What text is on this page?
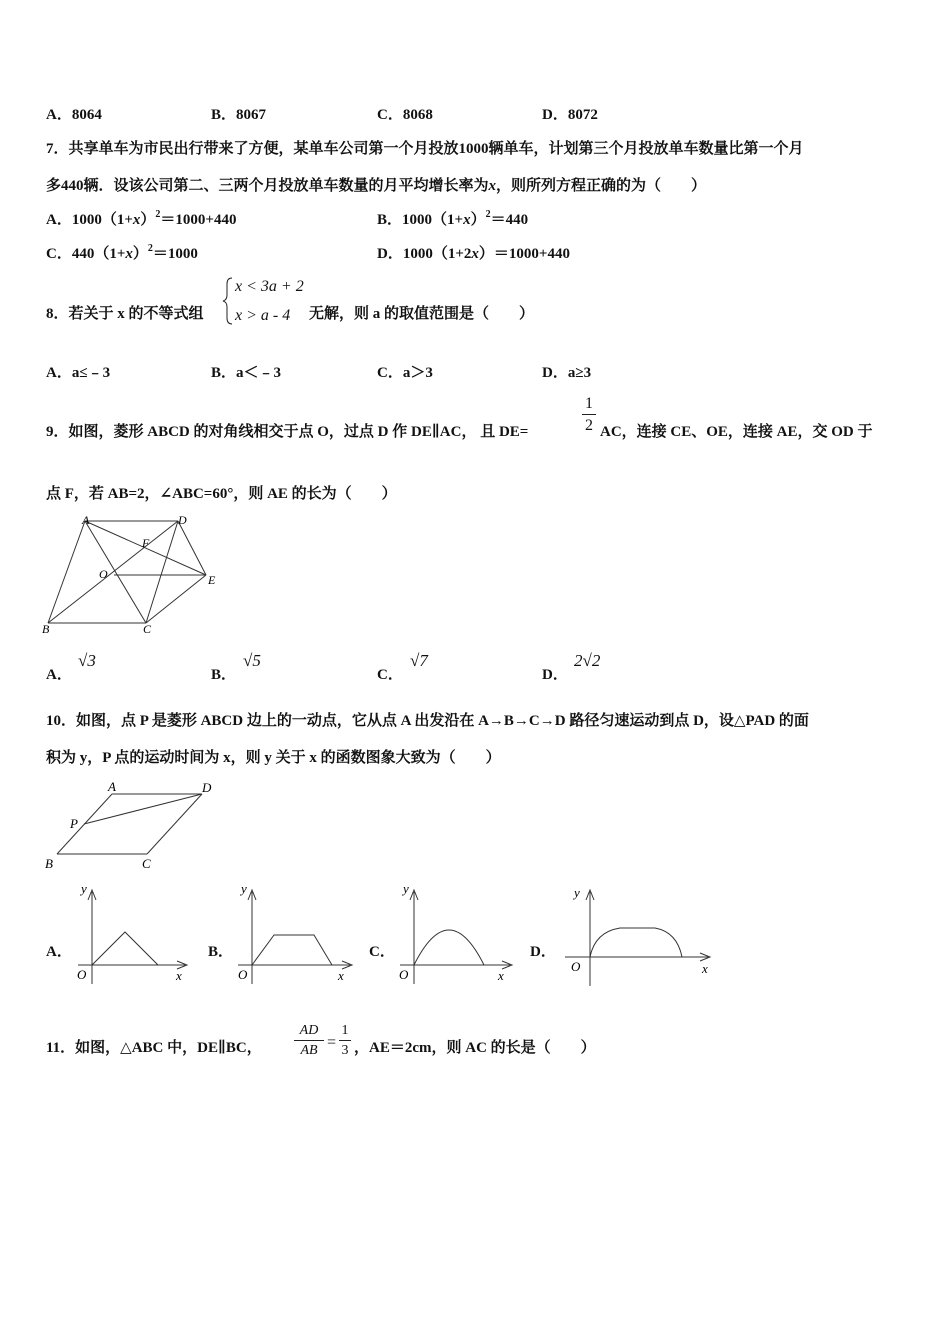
A．8064	B．8067	C．8068	D．8072
7．共享单车为市民出行带来了方便，某单车公司第一个月投放1000辆单车，计划第三个月投放单车数量比第一个月
多440辆．设该公司第二、三两个月投放单车数量的月平均增长率为x，则所列方程正确的为（　　）
A．$1000(1+x)^2=1000+440$	B．$1000(1+x)^2=440$
C．$440(1+x)^2=1000$	D．1000（1+2x）＝1000+440
8．若关于 x 的不等式组
x < 3a + 2
x > a - 4 无解，则 a 的取值范围是（　　）
A．a≤﹣3	B．a＜﹣3	C．a＞3	D．a≥3
9．如图，菱形 ABCD 的对角线相交于点 O，过点 D 作 DE∥AC， 且 DE=	$\frac{1}{2}$ AC，连接 CE、OE，连接 AE，交 OD 于
点 F，若 AB=2，∠ABC=60°，则 AE 的长为（　　）
A	D
F
O	E
B	C
A．
√3
B．
√5
C．
√7
D．
2√2
10．如图，点 P 是菱形 ABCD 边上的一动点，它从点 A 出发沿在 A→B→C→D 路径匀速运动到点 D，设△PAD 的面
积为 y，P 点的运动时间为 x，则 y 关于 x 的函数图象大致为（　　）
A	D
P
B	C
A．
y
x
O
B．
y
x
O
C．
y
x
O
D．
y
x
O
11．如图，△ABC 中，DE∥BC， $\frac{AD}{AB} = \frac{1}{3}$ ，AE＝2cm，则 AC 的长是（　　）
